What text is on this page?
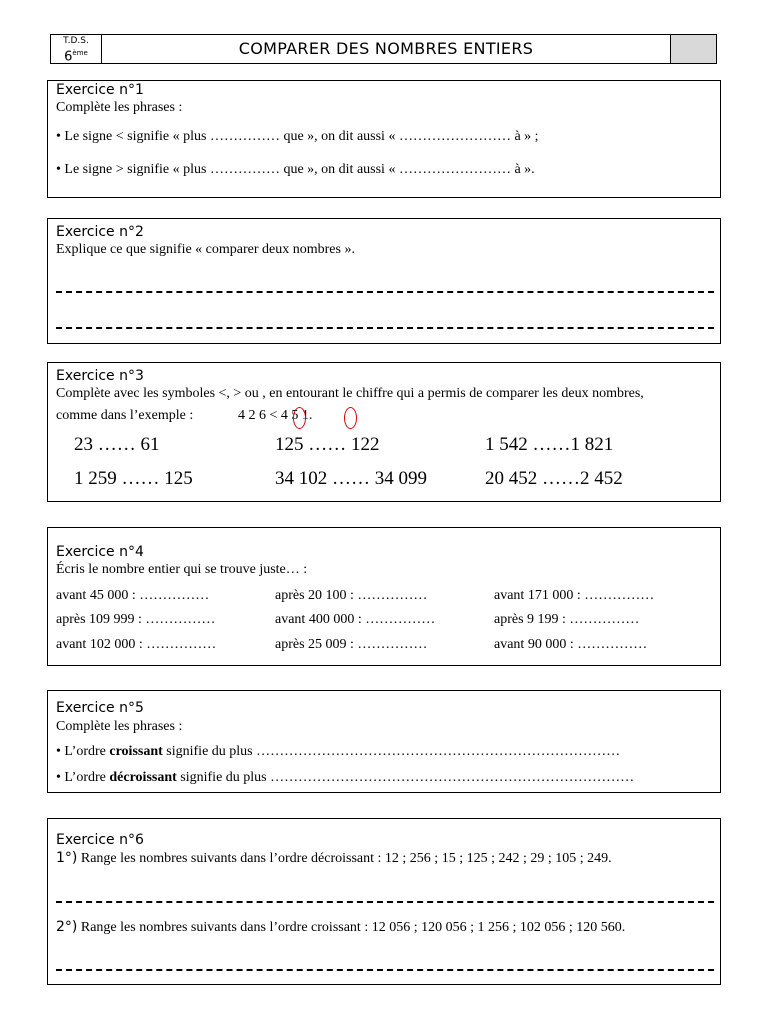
T.D.S.
6ème	COMPARER DES NOMBRES ENTIERS
Exercice n°1
Complète les phrases :
• Le signe < signifie « plus …………… que », on dit aussi « …………………… à » ;
• Le signe > signifie « plus …………… que », on dit aussi « …………………… à ».
Exercice n°2
Explique ce que signifie « comparer deux nombres ».
Exercice n°3
Complète avec les symboles <, > ou , en entourant le chiffre qui a permis de comparer les deux nombres,
comme dans l’exemple :	4 2 6 < 4 5 1.
23 …… 61	125 …… 122	1 542 ……1 821
1 259 …… 125	34 102 …… 34 099	20 452 ……2 452
Exercice n°4
Écris le nombre entier qui se trouve juste… :
avant 45 000 : ……………	après 20 100 : ……………	avant 171 000 : ……………
après 109 999 : ……………	avant 400 000 : ……………	après 9 199 : ……………
avant 102 000 : ……………	après 25 009 : ……………	avant 90 000 : ……………
Exercice n°5
Complète les phrases :
• L’ordre croissant signifie du plus ……………………………………………………………………
• L’ordre décroissant signifie du plus ……………………………………………………………………
Exercice n°6
1°) Range les nombres suivants dans l’ordre décroissant : 12 ; 256 ; 15 ; 125 ; 242 ; 29 ; 105 ; 249.
2°) Range les nombres suivants dans l’ordre croissant : 12 056 ; 120 056 ; 1 256 ; 102 056 ; 120 560.
